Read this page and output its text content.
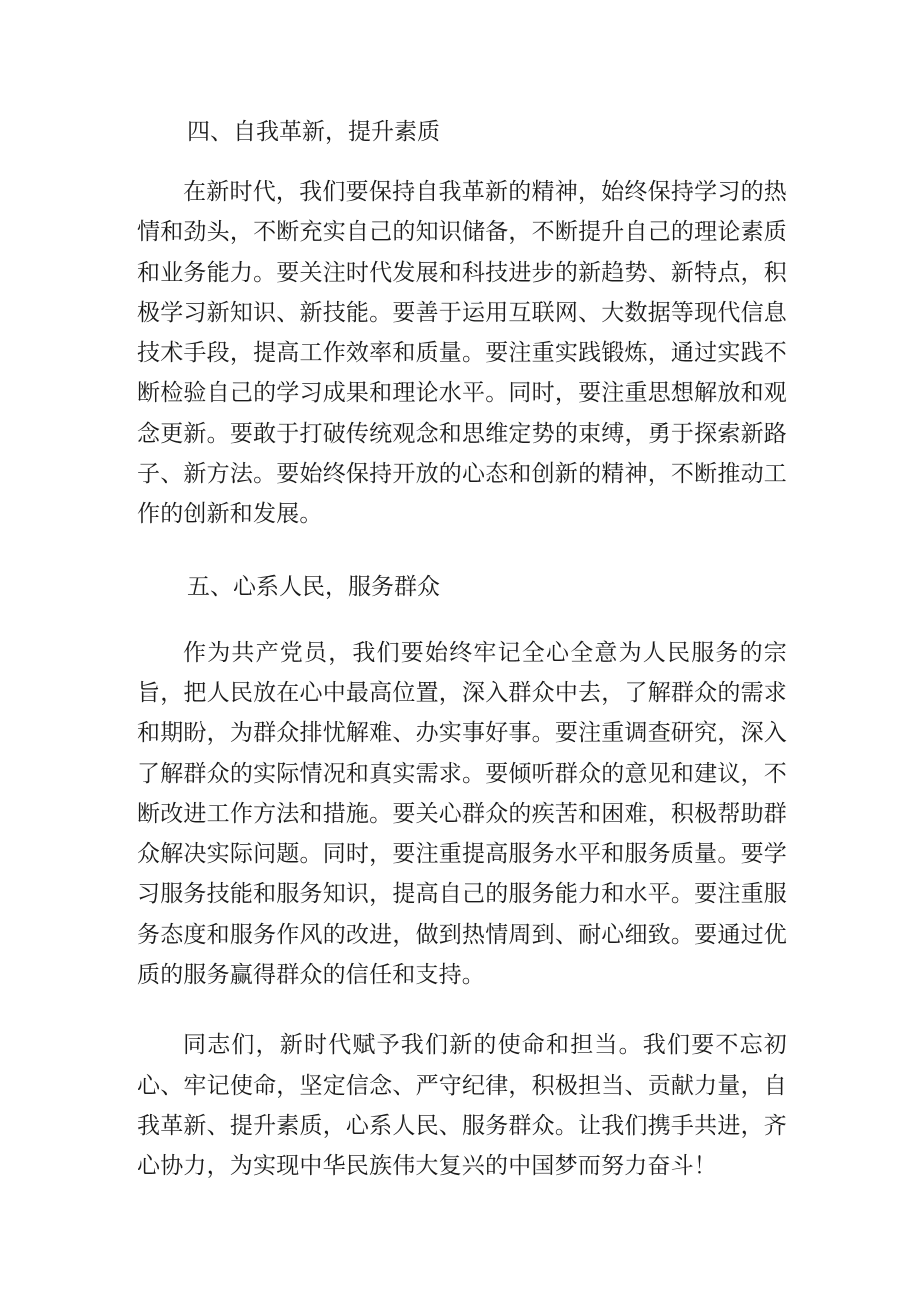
四、自我革新，提升素质

在新时代，我们要保持自我革新的精神，始终保持学习的热情和劲头，不断充实自己的知识储备，不断提升自己的理论素质和业务能力。要关注时代发展和科技进步的新趋势、新特点，积极学习新知识、新技能。要善于运用互联网、大数据等现代信息技术手段，提高工作效率和质量。要注重实践锻炼，通过实践不断检验自己的学习成果和理论水平。同时，要注重思想解放和观念更新。要敢于打破传统观念和思维定势的束缚，勇于探索新路子、新方法。要始终保持开放的心态和创新的精神，不断推动工作的创新和发展。

五、心系人民，服务群众

作为共产党员，我们要始终牢记全心全意为人民服务的宗旨，把人民放在心中最高位置，深入群众中去，了解群众的需求和期盼，为群众排忧解难、办实事好事。要注重调查研究，深入了解群众的实际情况和真实需求。要倾听群众的意见和建议，不断改进工作方法和措施。要关心群众的疾苦和困难，积极帮助群众解决实际问题。同时，要注重提高服务水平和服务质量。要学习服务技能和服务知识，提高自己的服务能力和水平。要注重服务态度和服务作风的改进，做到热情周到、耐心细致。要通过优质的服务赢得群众的信任和支持。

同志们，新时代赋予我们新的使命和担当。我们要不忘初心、牢记使命，坚定信念、严守纪律，积极担当、贡献力量，自我革新、提升素质，心系人民、服务群众。让我们携手共进，齐心协力，为实现中华民族伟大复兴的中国梦而努力奋斗！
